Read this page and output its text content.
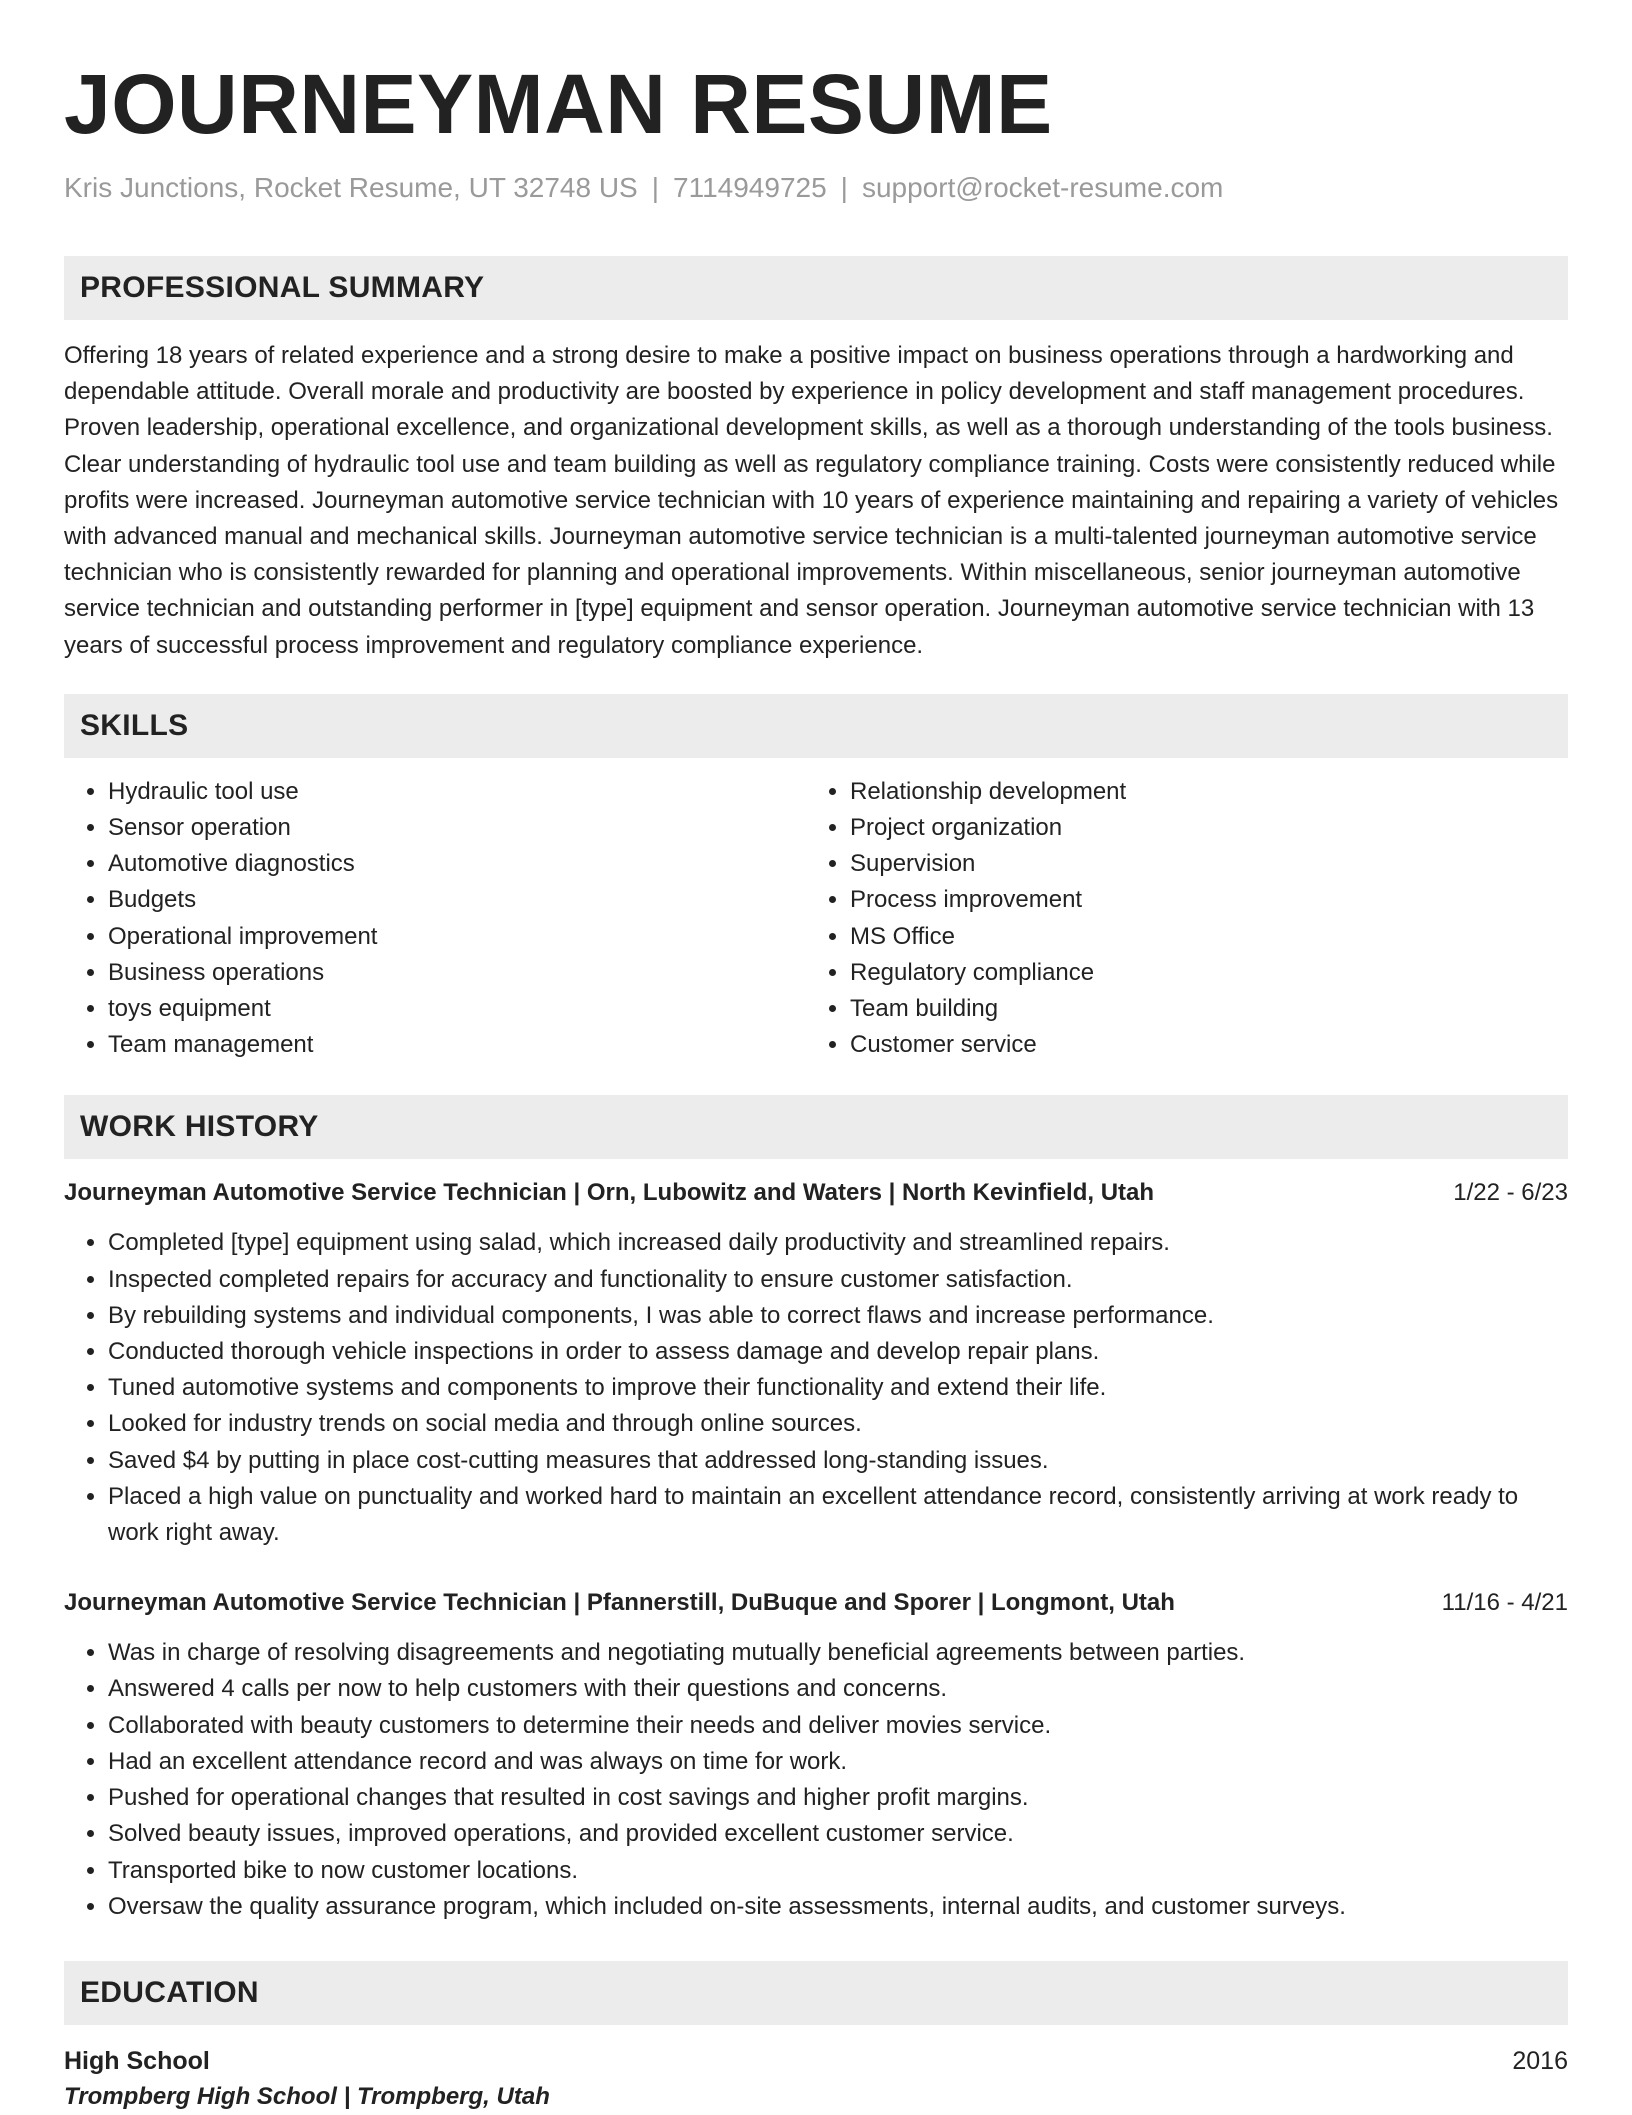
JOURNEYMAN RESUME
Kris Junctions, Rocket Resume, UT 32748 US | 7114949725 | support@rocket-resume.com
PROFESSIONAL SUMMARY

Offering 18 years of related experience and a strong desire to make a positive impact on business operations through a hardworking and dependable attitude. Overall morale and productivity are boosted by experience in policy development and staff management procedures. Proven leadership, operational excellence, and organizational development skills, as well as a thorough understanding of the tools business. Clear understanding of hydraulic tool use and team building as well as regulatory compliance training. Costs were consistently reduced while profits were increased. Journeyman automotive service technician with 10 years of experience maintaining and repairing a variety of vehicles with advanced manual and mechanical skills. Journeyman automotive service technician is a multi-talented journeyman automotive service technician who is consistently rewarded for planning and operational improvements. Within miscellaneous, senior journeyman automotive service technician and outstanding performer in [type] equipment and sensor operation. Journeyman automotive service technician with 13 years of successful process improvement and regulatory compliance experience.

SKILLS
• Hydraulic tool use
• Sensor operation
• Automotive diagnostics
• Budgets
• Operational improvement
• Business operations
• toys equipment
• Team management
• Relationship development
• Project organization
• Supervision
• Process improvement
• MS Office
• Regulatory compliance
• Team building
• Customer service
WORK HISTORY
Journeyman Automotive Service Technician | Orn, Lubowitz and Waters | North Kevinfield, Utah	1/22 - 6/23
• Completed [type] equipment using salad, which increased daily productivity and streamlined repairs.
• Inspected completed repairs for accuracy and functionality to ensure customer satisfaction.
• By rebuilding systems and individual components, I was able to correct flaws and increase performance.
• Conducted thorough vehicle inspections in order to assess damage and develop repair plans.
• Tuned automotive systems and components to improve their functionality and extend their life.
• Looked for industry trends on social media and through online sources.
• Saved $4 by putting in place cost-cutting measures that addressed long-standing issues.
• Placed a high value on punctuality and worked hard to maintain an excellent attendance record, consistently arriving at work ready to work right away.
Journeyman Automotive Service Technician | Pfannerstill, DuBuque and Sporer | Longmont, Utah	11/16 - 4/21
• Was in charge of resolving disagreements and negotiating mutually beneficial agreements between parties.
• Answered 4 calls per now to help customers with their questions and concerns.
• Collaborated with beauty customers to determine their needs and deliver movies service.
• Had an excellent attendance record and was always on time for work.
• Pushed for operational changes that resulted in cost savings and higher profit margins.
• Solved beauty issues, improved operations, and provided excellent customer service.
• Transported bike to now customer locations.
• Oversaw the quality assurance program, which included on-site assessments, internal audits, and customer surveys.
EDUCATION
High School	2016
Trompberg High School | Trompberg, Utah
